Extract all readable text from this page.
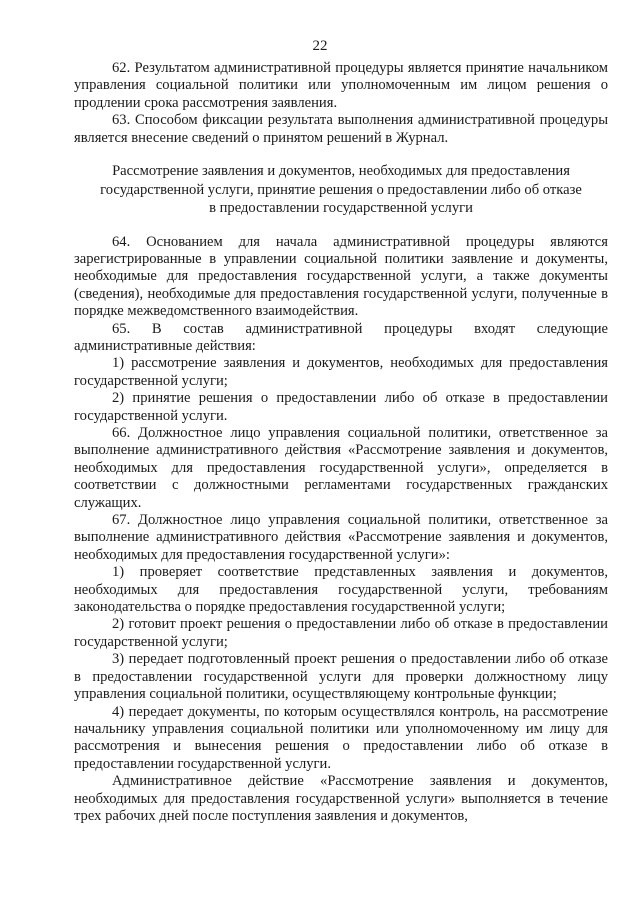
22

62. Результатом административной процедуры является принятие начальником управления социальной политики или уполномоченным им лицом решения о продлении срока рассмотрения заявления.

63. Способом фиксации результата выполнения административной процедуры является внесение сведений о принятом решений в Журнал.

Рассмотрение заявления и документов, необходимых для предоставления
государственной услуги, принятие решения о предоставлении либо об отказе
в предоставлении государственной услуги

64. Основанием для начала административной процедуры являются зарегистрированные в управлении социальной политики заявление и документы, необходимые для предоставления государственной услуги, а также документы (сведения), необходимые для предоставления государственной услуги, полученные в порядке межведомственного взаимодействия.

65. В состав административной процедуры входят следующие административные действия:

1) рассмотрение заявления и документов, необходимых для предоставления государственной услуги;

2) принятие решения о предоставлении либо об отказе в предоставлении государственной услуги.

66. Должностное лицо управления социальной политики, ответственное за выполнение административного действия «Рассмотрение заявления и документов, необходимых для предоставления государственной услуги», определяется в соответствии с должностными регламентами государственных гражданских служащих.

67. Должностное лицо управления социальной политики, ответственное за выполнение административного действия «Рассмотрение заявления и документов, необходимых для предоставления государственной услуги»:

1) проверяет соответствие представленных заявления и документов, необходимых для предоставления государственной услуги, требованиям законодательства о порядке предоставления государственной услуги;

2) готовит проект решения о предоставлении либо об отказе в предоставлении государственной услуги;

3) передает подготовленный проект решения о предоставлении либо об отказе в предоставлении государственной услуги для проверки должностному лицу управления социальной политики, осуществляющему контрольные функции;

4) передает документы, по которым осуществлялся контроль, на рассмотрение начальнику управления социальной политики или уполномоченному им лицу для рассмотрения и вынесения решения о предоставлении либо об отказе в предоставлении государственной услуги.

Административное действие «Рассмотрение заявления и документов, необходимых для предоставления государственной услуги» выполняется в течение трех рабочих дней после поступления заявления и документов,
